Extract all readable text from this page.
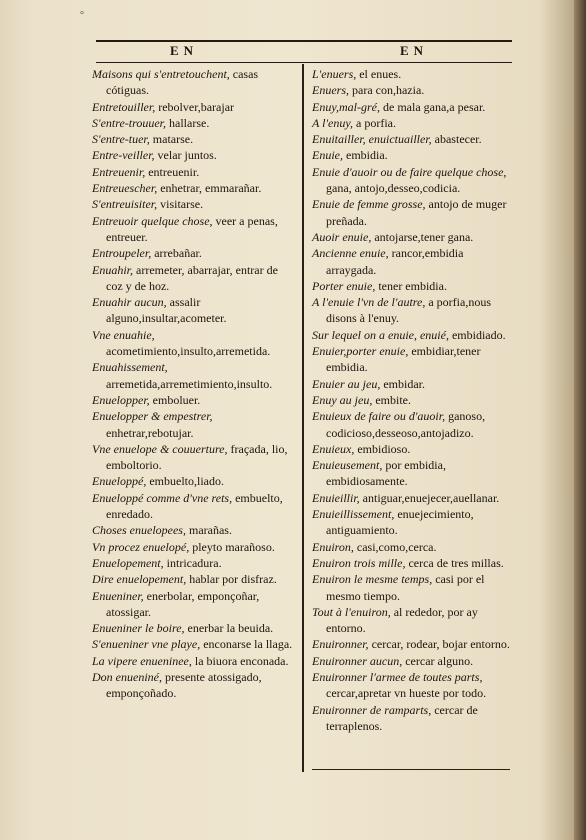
°
EN	EN

Maisons qui s'entretouchent, casas cótiguas.

Entretouiller, rebolver,barajar

S'entre-trouuer, hallarse.

S'entre-tuer, matarse.

Entre-veiller, velar juntos.

Entreuenir, entreuenir.

Entreuescher, enhetrar, emmarañar.

S'entreuisiter, visitarse.

Entreuoir quelque chose, veer a penas, entreuer.

Entroupeler, arrebañar.

Enuahir, arremeter, abarrajar, entrar de coz y de hoz.

Enuahir aucun, assalir alguno,insultar,acometer.

Vne enuahie, acometimiento,insulto,arremetida.

Enuahissement, arremetida,arremetimiento,insulto.

Enuelopper, emboluer.

Enuelopper & empestrer, enhetrar,rebotujar.

Vne enuelope & couuerture, fraçada, lio, emboltorio.

Enueloppé, embuelto,liado.

Enueloppé comme d'vne rets, embuelto, enredado.

Choses enuelopees, marañas.

Vn procez enuelopé, pleyto marañoso.

Enuelopement, intricadura.

Dire enuelopement, hablar por disfraz.

Enueniner, enerbolar, emponçoñar, atossigar.

Enueniner le boire, enerbar la beuida.

S'enueniner vne playe, enconarse la llaga.

La vipere enueninee, la biuora enconada.

Don enueniné, presente atossigado, emponçoñado.

L'enuers, el enues.

Enuers, para con,hazia.

Enuy,mal-gré, de mala gana,a pesar.

A l'enuy, a porfia.

Enuitailler, enuictuailler, abastecer.

Enuie, embidia.

Enuie d'auoir ou de faire quelque chose, gana, antojo,desseo,codicia.

Enuie de femme grosse, antojo de muger preñada.

Auoir enuie, antojarse,tener gana.

Ancienne enuie, rancor,embidia arraygada.

Porter enuie, tener embidia.

A l'enuie l'vn de l'autre, a porfia,nous disons à l'enuy.

Sur lequel on a enuie, enuié, embidiado.

Enuier,porter enuie, embidiar,tener embidia.

Enuier au jeu, embidar.

Enuy au jeu, embite.

Enuieux de faire ou d'auoir, ganoso, codicioso,desseoso,antojadizo.

Enuieux, embidioso.

Enuieusement, por embidia, embidiosamente.

Enuieillir, antiguar,enuejecer,auellanar.

Enuieillissement, enuejecimiento, antiguamiento.

Enuiron, casi,como,cerca.

Enuiron trois mille, cerca de tres millas.

Enuiron le mesme temps, casi por el mesmo tiempo.

Tout à l'enuiron, al rededor, por ay entorno.

Enuironner, cercar, rodear, bojar entorno.

Enuironner aucun, cercar alguno.

Enuironner l'armee de toutes parts, cercar,apretar vn hueste por todo.

Enuironner de ramparts, cercar de terraplenos.
